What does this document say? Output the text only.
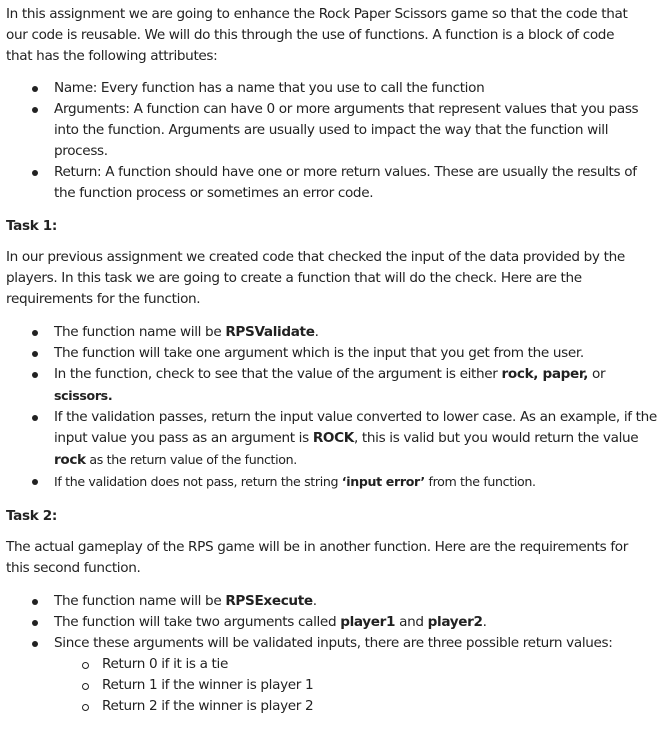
In this assignment we are going to enhance the Rock Paper Scissors game so that the code that our code is reusable. We will do this through the use of functions. A function is a block of code that has the following attributes:

Name: Every function has a name that you use to call the function
Arguments: A function can have 0 or more arguments that represent values that you pass into the function. Arguments are usually used to impact the way that the function will process.
Return: A function should have one or more return values. These are usually the results of the function process or sometimes an error code.

Task 1:

In our previous assignment we created code that checked the input of the data provided by the players. In this task we are going to create a function that will do the check. Here are the requirements for the function.

The function name will be RPSValidate.
The function will take one argument which is the input that you get from the user.
In the function, check to see that the value of the argument is either rock, paper, or
scissors.
If the validation passes, return the input value converted to lower case. As an example, if the input value you pass as an argument is ROCK, this is valid but you would return the value rock as the return value of the function.
If the validation does not pass, return the string ‘input error’ from the function.

Task 2:

The actual gameplay of the RPS game will be in another function. Here are the requirements for this second function.

The function name will be RPSExecute.
The function will take two arguments called player1 and player2.
Since these arguments will be validated inputs, there are three possible return values:
Return 0 if it is a tie
Return 1 if the winner is player 1
Return 2 if the winner is player 2
